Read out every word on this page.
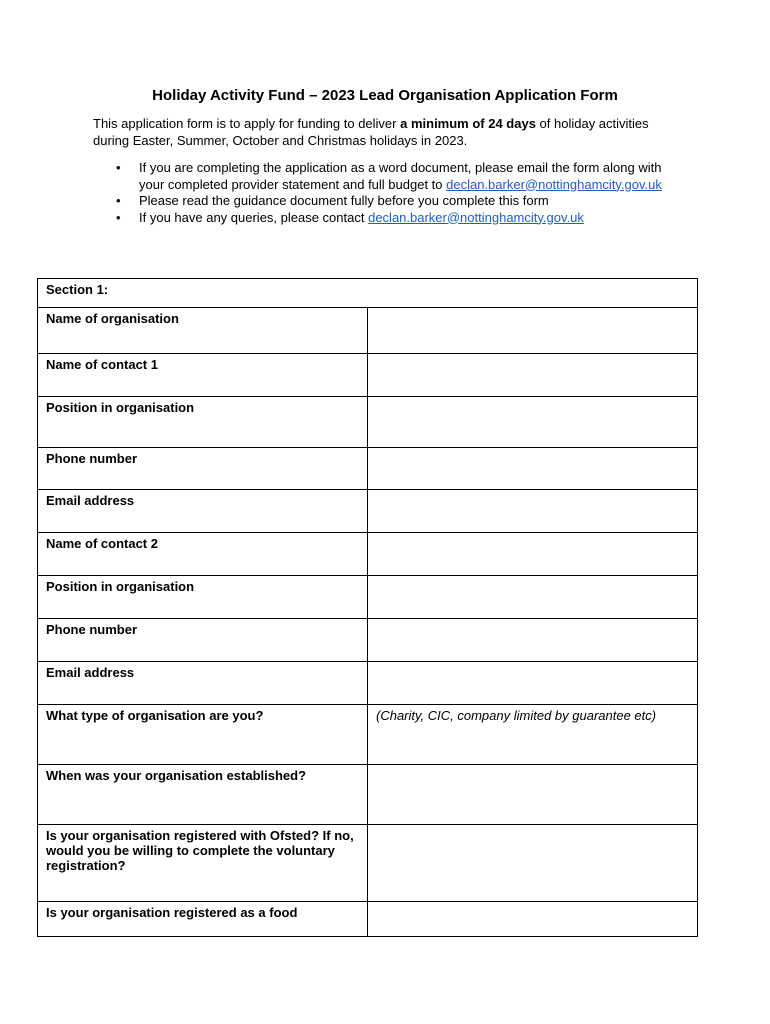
Holiday Activity Fund – 2023 Lead Organisation Application Form

This application form is to apply for funding to deliver a minimum of 24 days of holiday activities during Easter, Summer, October and Christmas holidays in 2023.

• If you are completing the application as a word document, please email the form along with your completed provider statement and full budget to declan.barker@nottinghamcity.gov.uk
• Please read the guidance document fully before you complete this form
• If you have any queries, please contact declan.barker@nottinghamcity.gov.uk
Section 1:	
Name of organisation	
Name of contact 1	
Position in organisation	
Phone number	
Email address	
Name of contact 2	
Position in organisation	
Phone number	
Email address	
What type of organisation are you?	(Charity, CIC, company limited by guarantee etc)
When was your organisation established?	
Is your organisation registered with Ofsted? If no, would you be willing to complete the voluntary registration?	
Is your organisation registered as a food	
